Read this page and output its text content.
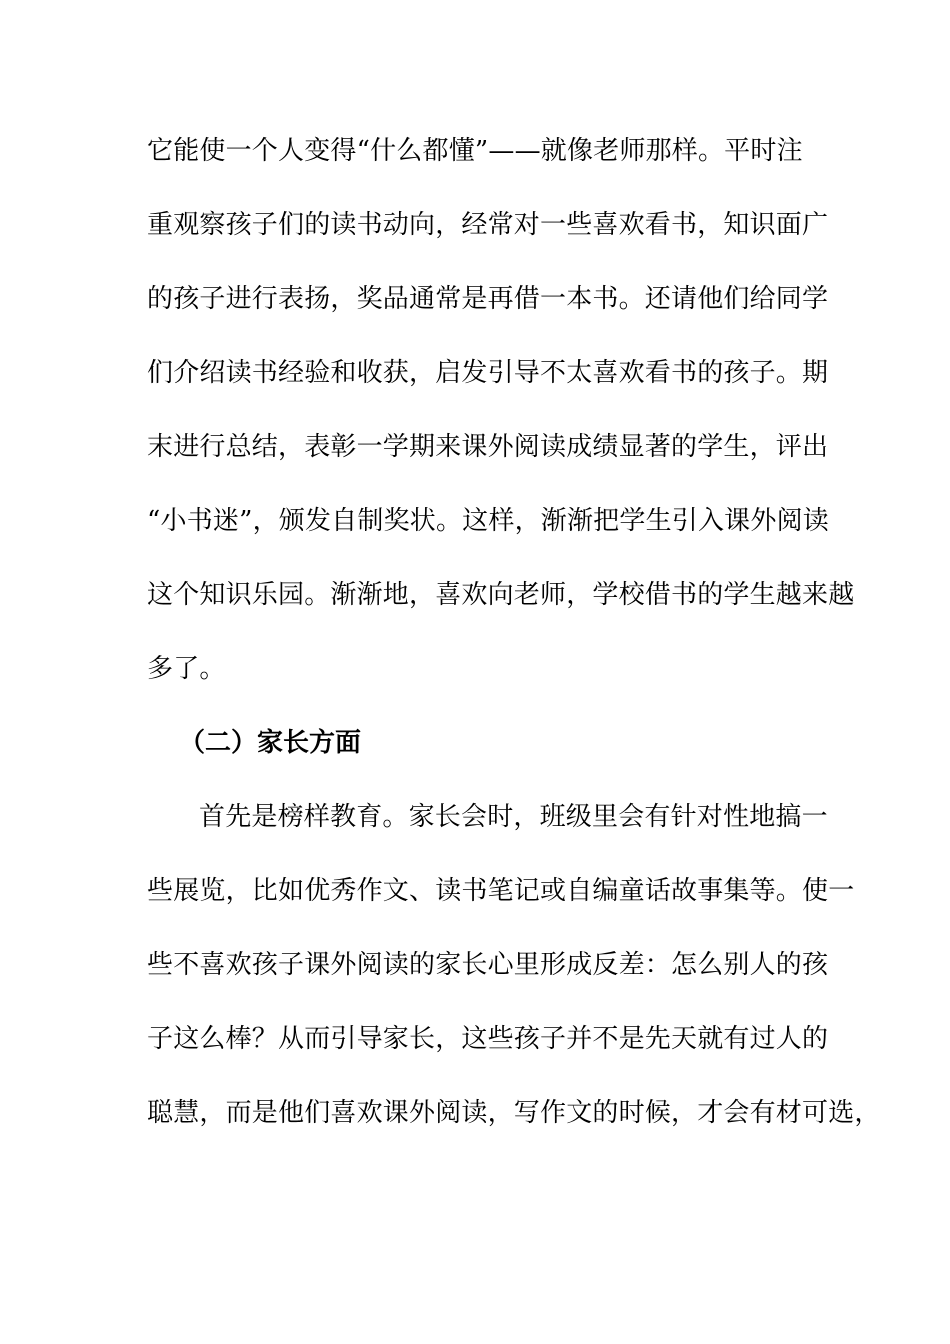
它能使一个人变得“什么都懂”——就像老师那样。平时注
重观察孩子们的读书动向，经常对一些喜欢看书，知识面广
的孩子进行表扬，奖品通常是再借一本书。还请他们给同学
们介绍读书经验和收获，启发引导不太喜欢看书的孩子。期
末进行总结，表彰一学期来课外阅读成绩显著的学生，评出
“小书迷”，颁发自制奖状。这样，渐渐把学生引入课外阅读
这个知识乐园。渐渐地，喜欢向老师，学校借书的学生越来越
多了。
（二）家长方面
首先是榜样教育。家长会时，班级里会有针对性地搞一
些展览，比如优秀作文、读书笔记或自编童话故事集等。使一
些不喜欢孩子课外阅读的家长心里形成反差：怎么别人的孩
子这么棒？从而引导家长，这些孩子并不是先天就有过人的
聪慧，而是他们喜欢课外阅读，写作文的时候，才会有材可选，
